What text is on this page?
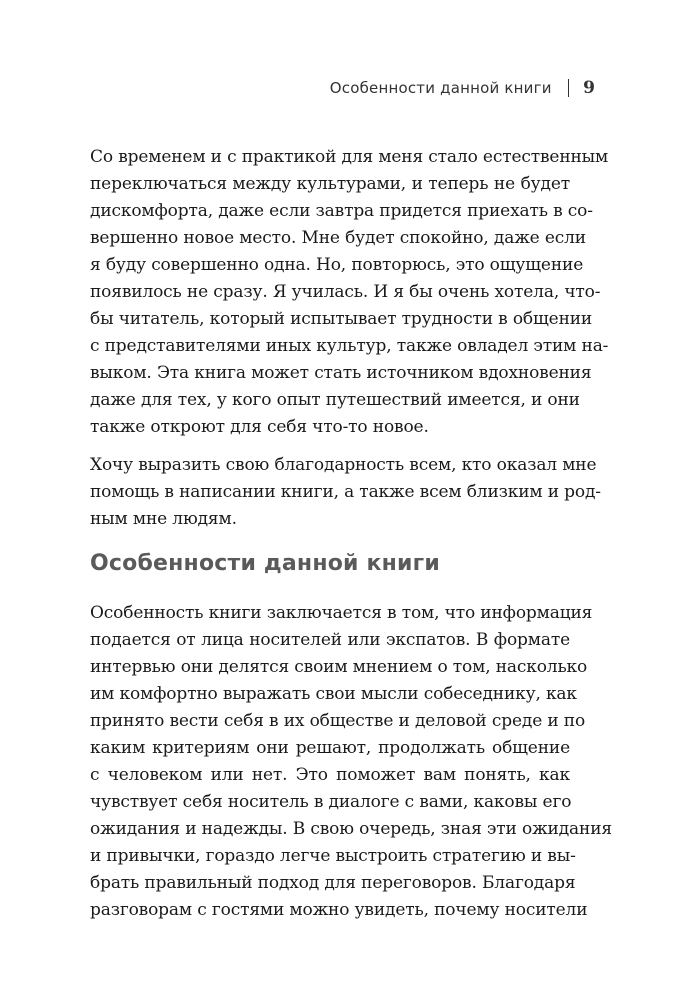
Особенности данной книги 9
Со временем и с практикой для меня стало естественным
переключаться между культурами, и теперь не будет
дискомфорта, даже если завтра придется приехать в со-
вершенно новое место. Мне будет спокойно, даже если
я буду совершенно одна. Но, повторюсь, это ощущение
появилось не сразу. Я училась. И я бы очень хотела, что-
бы читатель, который испытывает трудности в общении
с представителями иных культур, также овладел этим на-
выком. Эта книга может стать источником вдохновения
даже для тех, у кого опыт путешествий имеется, и они
также откроют для себя что-то новое.
Хочу выразить свою благодарность всем, кто оказал мне
помощь в написании книги, а также всем близким и род-
ным мне людям.
Особенности данной книги
Особенность книги заключается в том, что информация
подается от лица носителей или экспатов. В формате
интервью они делятся своим мнением о том, насколько
им комфортно выражать свои мысли собеседнику, как
принято вести себя в их обществе и деловой среде и по
каким критериям они решают, продолжать общение
с человеком или нет. Это поможет вам понять, как
чувствует себя носитель в диалоге с вами, каковы его
ожидания и надежды. В свою очередь, зная эти ожидания
и привычки, гораздо легче выстроить стратегию и вы-
брать правильный подход для переговоров. Благодаря
разговорам с гостями можно увидеть, почему носители
